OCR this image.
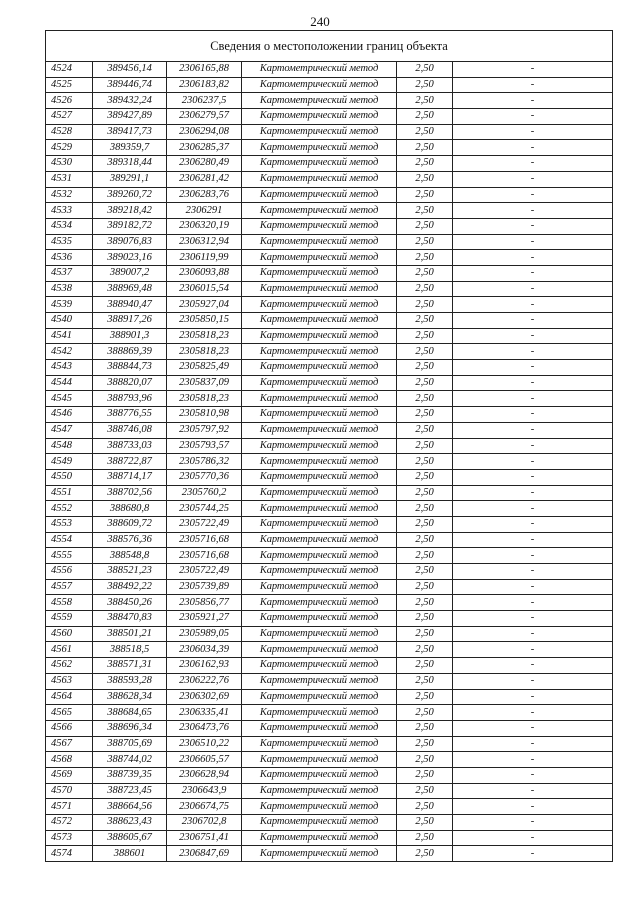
240
Сведения о местоположении границ объекта					
4524	389456,14	2306165,88	Картометрический метод	2,50	-
4525	389446,74	2306183,82	Картометрический метод	2,50	-
4526	389432,24	2306237,5	Картометрический метод	2,50	-
4527	389427,89	2306279,57	Картометрический метод	2,50	-
4528	389417,73	2306294,08	Картометрический метод	2,50	-
4529	389359,7	2306285,37	Картометрический метод	2,50	-
4530	389318,44	2306280,49	Картометрический метод	2,50	-
4531	389291,1	2306281,42	Картометрический метод	2,50	-
4532	389260,72	2306283,76	Картометрический метод	2,50	-
4533	389218,42	2306291	Картометрический метод	2,50	-
4534	389182,72	2306320,19	Картометрический метод	2,50	-
4535	389076,83	2306312,94	Картометрический метод	2,50	-
4536	389023,16	2306119,99	Картометрический метод	2,50	-
4537	389007,2	2306093,88	Картометрический метод	2,50	-
4538	388969,48	2306015,54	Картометрический метод	2,50	-
4539	388940,47	2305927,04	Картометрический метод	2,50	-
4540	388917,26	2305850,15	Картометрический метод	2,50	-
4541	388901,3	2305818,23	Картометрический метод	2,50	-
4542	388869,39	2305818,23	Картометрический метод	2,50	-
4543	388844,73	2305825,49	Картометрический метод	2,50	-
4544	388820,07	2305837,09	Картометрический метод	2,50	-
4545	388793,96	2305818,23	Картометрический метод	2,50	-
4546	388776,55	2305810,98	Картометрический метод	2,50	-
4547	388746,08	2305797,92	Картометрический метод	2,50	-
4548	388733,03	2305793,57	Картометрический метод	2,50	-
4549	388722,87	2305786,32	Картометрический метод	2,50	-
4550	388714,17	2305770,36	Картометрический метод	2,50	-
4551	388702,56	2305760,2	Картометрический метод	2,50	-
4552	388680,8	2305744,25	Картометрический метод	2,50	-
4553	388609,72	2305722,49	Картометрический метод	2,50	-
4554	388576,36	2305716,68	Картометрический метод	2,50	-
4555	388548,8	2305716,68	Картометрический метод	2,50	-
4556	388521,23	2305722,49	Картометрический метод	2,50	-
4557	388492,22	2305739,89	Картометрический метод	2,50	-
4558	388450,26	2305856,77	Картометрический метод	2,50	-
4559	388470,83	2305921,27	Картометрический метод	2,50	-
4560	388501,21	2305989,05	Картометрический метод	2,50	-
4561	388518,5	2306034,39	Картометрический метод	2,50	-
4562	388571,31	2306162,93	Картометрический метод	2,50	-
4563	388593,28	2306222,76	Картометрический метод	2,50	-
4564	388628,34	2306302,69	Картометрический метод	2,50	-
4565	388684,65	2306335,41	Картометрический метод	2,50	-
4566	388696,34	2306473,76	Картометрический метод	2,50	-
4567	388705,69	2306510,22	Картометрический метод	2,50	-
4568	388744,02	2306605,57	Картометрический метод	2,50	-
4569	388739,35	2306628,94	Картометрический метод	2,50	-
4570	388723,45	2306643,9	Картометрический метод	2,50	-
4571	388664,56	2306674,75	Картометрический метод	2,50	-
4572	388623,43	2306702,8	Картометрический метод	2,50	-
4573	388605,67	2306751,41	Картометрический метод	2,50	-
4574	388601	2306847,69	Картометрический метод	2,50	-
